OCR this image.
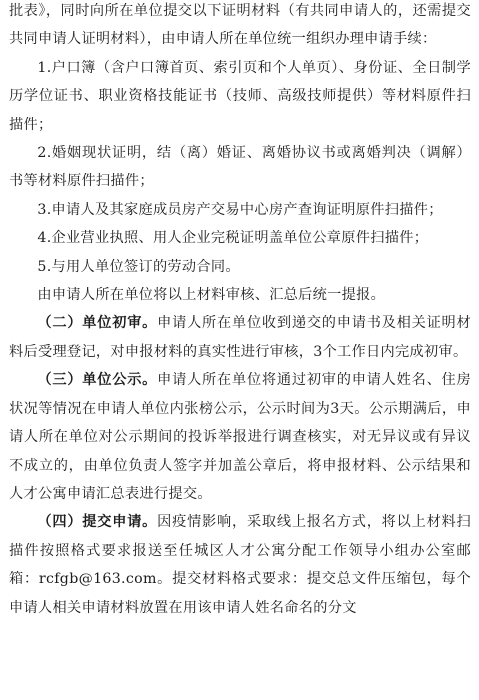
批表》，同时向所在单位提交以下证明材料（有共同申请人的，还需提交共同申请人证明材料），由申请人所在单位统一组织办理申请手续：

1.户口簿（含户口簿首页、索引页和个人单页）、身份证、全日制学历学位证书、职业资格技能证书（技师、高级技师提供）等材料原件扫描件；

2.婚姻现状证明，结（离）婚证、离婚协议书或离婚判决（调解）书等材料原件扫描件；

3.申请人及其家庭成员房产交易中心房产查询证明原件扫描件；

4.企业营业执照、用人企业完税证明盖单位公章原件扫描件；

5.与用人单位签订的劳动合同。

由申请人所在单位将以上材料审核、汇总后统一提报。

（二）单位初审。申请人所在单位收到递交的申请书及相关证明材料后受理登记，对申报材料的真实性进行审核，3个工作日内完成初审。

（三）单位公示。申请人所在单位将通过初审的申请人姓名、住房状况等情况在申请人单位内张榜公示，公示时间为3天。公示期满后，申请人所在单位对公示期间的投诉举报进行调查核实，对无异议或有异议不成立的，由单位负责人签字并加盖公章后，将申报材料、公示结果和人才公寓申请汇总表进行提交。

（四）提交申请。因疫情影响，采取线上报名方式，将以上材料扫描件按照格式要求报送至任城区人才公寓分配工作领导小组办公室邮箱：rcfgb@163.com。提交材料格式要求：提交总文件压缩包，每个申请人相关申请材料放置在用该申请人姓名命名的分文
